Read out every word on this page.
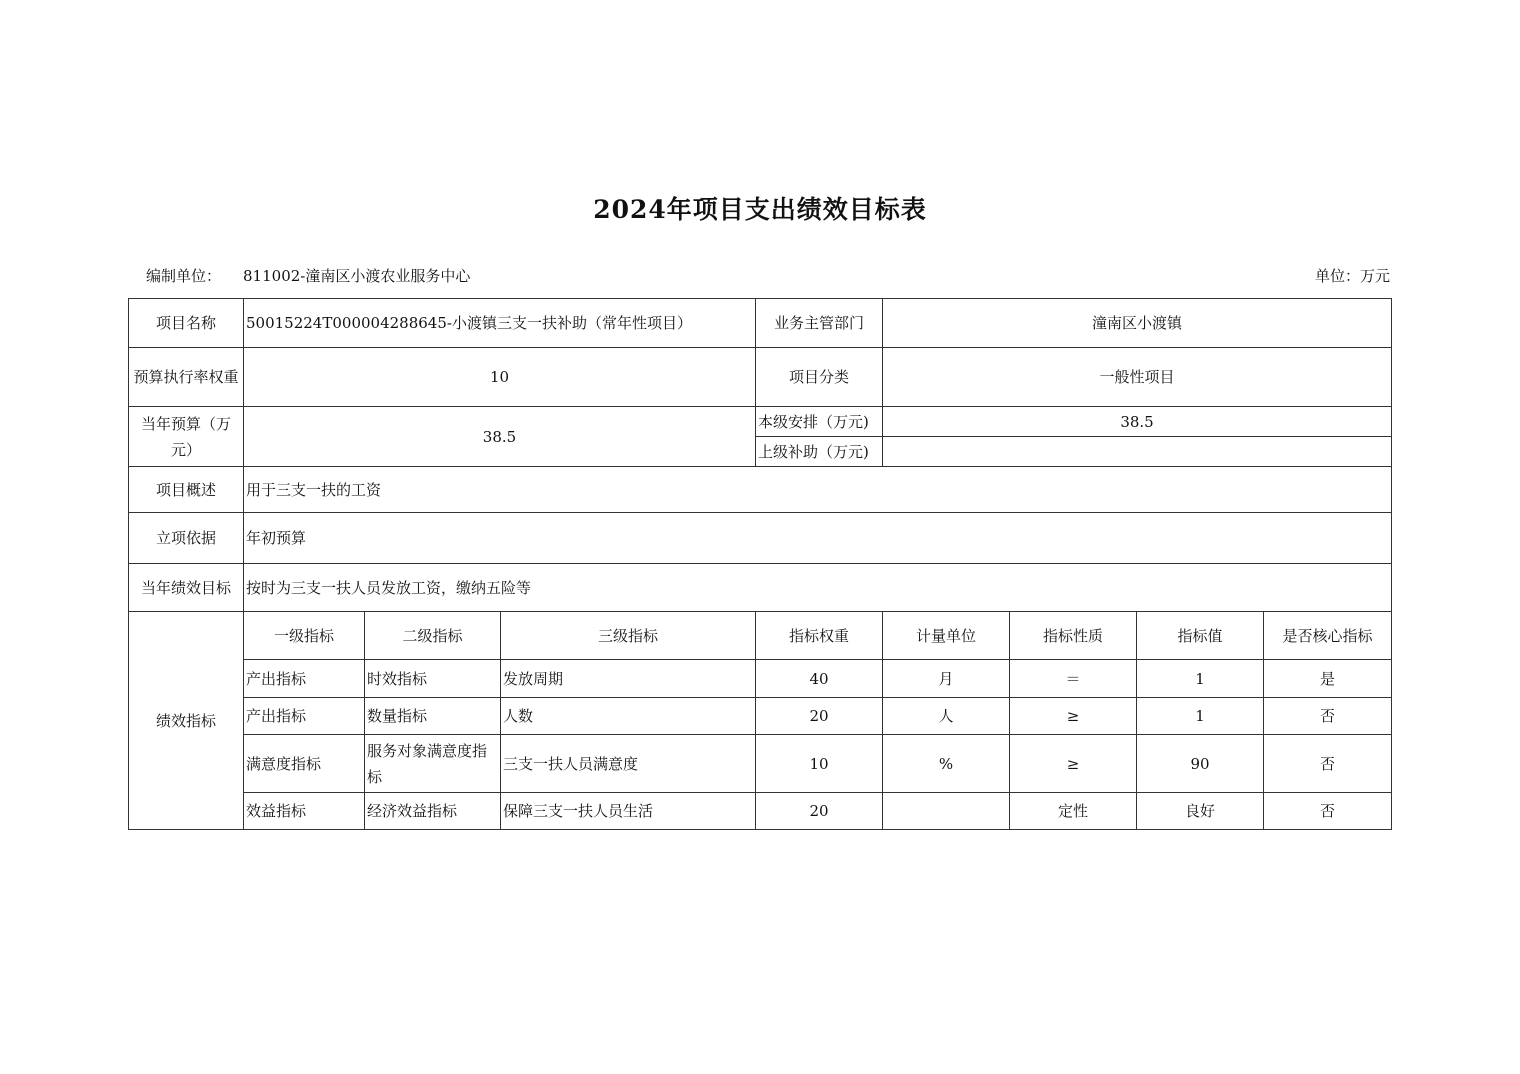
2024年项目支出绩效目标表
编制单位： 811002-潼南区小渡农业服务中心	单位：万元
项目名称	50015224T000004288645-小渡镇三支一扶补助（常年性项目）			业务主管部门	潼南区小渡镇			
预算执行率权重	10			项目分类	一般性项目			
当年预算（万元）	38.5			本级安排（万元)	38.5			
				上级补助（万元)				
项目概述	用于三支一扶的工资							
立项依据	年初预算							
当年绩效目标	按时为三支一扶人员发放工资，缴纳五险等							
绩效指标	一级指标	二级指标	三级指标	指标权重	计量单位	指标性质	指标值	是否核心指标
	产出指标	时效指标	发放周期	40	月	＝	1	是
	产出指标	数量指标	人数	20	人	≥	1	否
	满意度指标	服务对象满意度指标	三支一扶人员满意度	10	%	≥	90	否
	效益指标	经济效益指标	保障三支一扶人员生活	20		定性	良好	否
